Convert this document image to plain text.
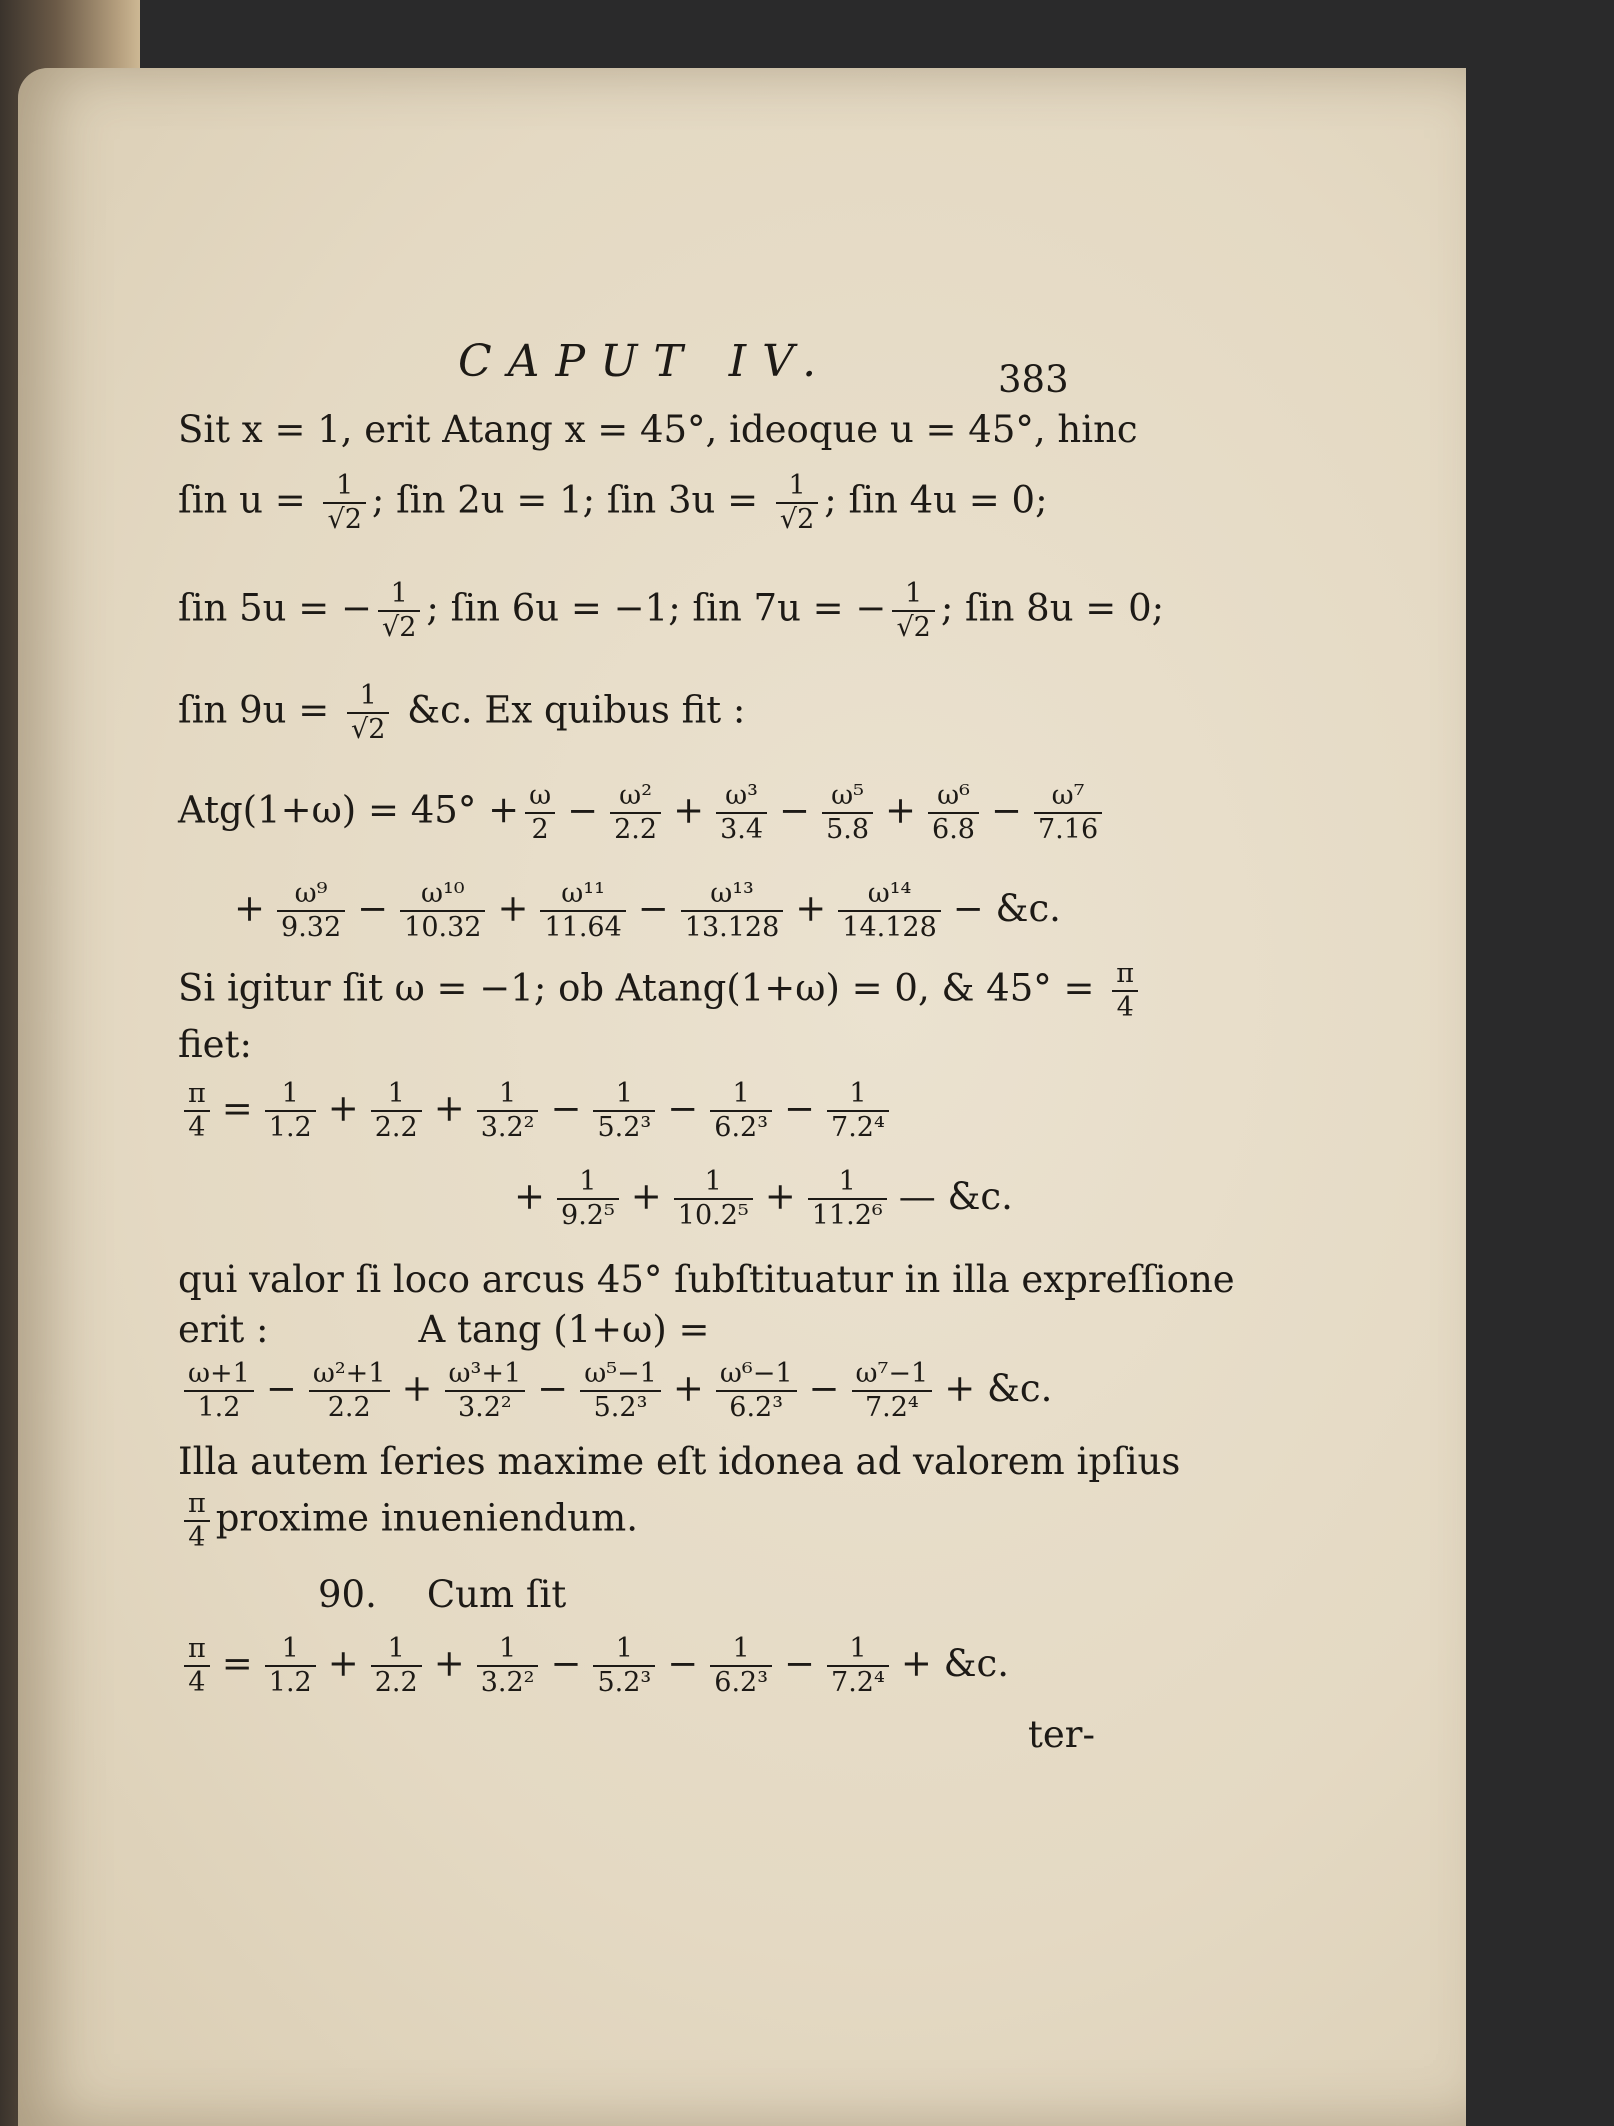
CAPUT IV.	383
Sit x = 1, erit Atang x = 45°, ideoque u = 45°, hinc
ſin $u = \frac{1}{√2}$ ; ſin 2u = 1; ſin $3u = \frac{1}{√2}$ ; ſin 4u = 0;
ſin 5u = − $\frac{1}{√2}$ ; ſin 6u = −1; ſin 7u = − $\frac{1}{√2}$ ; ſin 8u = 0;
ſin $9u = \frac{1}{√2}$ &c. Ex quibus fit :
$Atg(1+\omega) = 45^\circ + \frac{\omega}{2} - \frac{\text{ω²}}{2.2} + \frac{\text{ω³}}{3.4} - \frac{\text{ω⁵}}{5.8} + \frac{\text{ω⁶}}{6.8} - \frac{\text{ω⁷}}{7.16}$
+ $\frac{\text{ω⁹}}{9.32} - \frac{\text{ω¹⁰}}{10.32} + \frac{\text{ω¹¹}}{11.64} - \frac{\text{ω¹³}}{13.128} + \frac{\text{ω¹⁴}}{14.128}$ − &c.
Si igitur ſit ω = −1; ob Atang(1+ω) = 0, & $45^\circ = \frac{\pi}{4}$
fiet:
$\frac{\pi}{4} = \frac{1}{1.2} + \frac{1}{2.2} + \frac{1}{\text{3.2²}} - \frac{1}{\text{5.2³}} - \frac{1}{\text{6.2³}} - \frac{1}{\text{7.2⁴}}$
+ $\frac{1}{\text{9.2⁵}} + \frac{1}{\text{10.2⁵}} + \frac{1}{\text{11.2⁶}}$ — &c.
qui valor ſi loco arcus 45° ſubſtituatur in illa expreſſione
erit :	A tang (1+ω) =
$\frac{\omega+1}{1.2} - \frac{\text{ω²+1}}{2.2} + \frac{\text{ω³+1}}{\text{3.2²}} - \frac{\text{ω⁵−1}}{\text{5.2³}} + \frac{\text{ω⁶−1}}{\text{6.2³}} - \frac{\text{ω⁷−1}}{\text{7.2⁴}}$ + &c.
Illa autem ſeries maxime eſt idonea ad valorem ipſius
$\frac{\pi}{4}$ proxime inueniendum.
90. Cum ſit
$\frac{\pi}{4} = \frac{1}{1.2} + \frac{1}{2.2} + \frac{1}{\text{3.2²}} - \frac{1}{\text{5.2³}} - \frac{1}{\text{6.2³}} - \frac{1}{\text{7.2⁴}}$ + &c.
ter-
